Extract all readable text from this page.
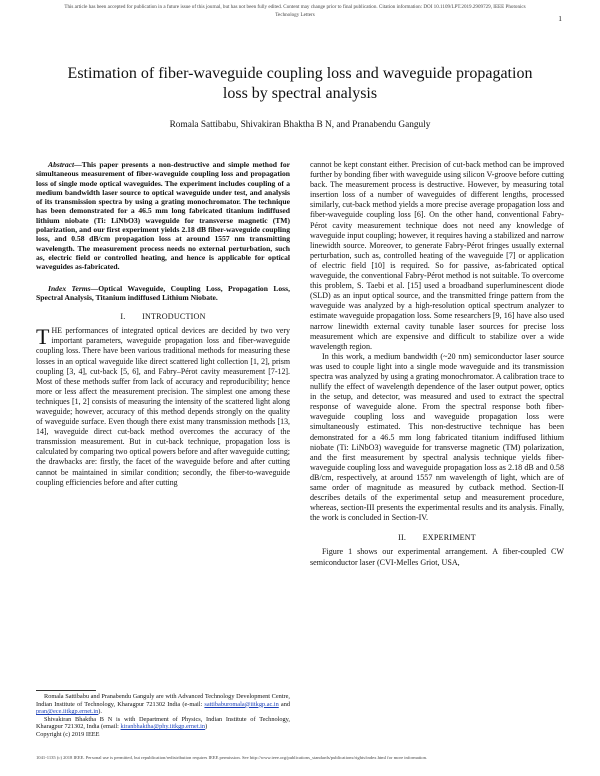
This article has been accepted for publication in a future issue of this journal, but has not been fully edited. Content may change prior to final publication. Citation information: DOI 10.1109/LPT.2019.2909729, IEEE Photonics
Technology Letters	1
Estimation of fiber-waveguide coupling loss and waveguide propagation loss by spectral analysis
Romala Sattibabu, Shivakiran Bhakthа B N, and Pranabendu Ganguly

Abstract—This paper presents a non-destructive and simple method for simultaneous measurement of fiber-waveguide coupling loss and propagation loss of single mode optical waveguides. The experiment includes coupling of a medium bandwidth laser source to optical waveguide under test, and analysis of its transmission spectra by using a grating monochromator. The technique has been demonstrated for a 46.5 mm long fabricated titanium indiffused lithium niobate (Ti: LiNbO3) waveguide for transverse magnetic (TM) polarization, and our first experiment yields 2.18 dB fiber-waveguide coupling loss, and 0.58 dB/cm propagation loss at around 1557 nm transmitting wavelength. The measurement process needs no external perturbation, such as, electric field or controlled heating, and hence is applicable for optical waveguides as-fabricated.

Index Terms—Optical Waveguide, Coupling Loss, Propagation Loss, Spectral Analysis, Titanium indiffused Lithium Niobate.

I.  INTRODUCTION

THE performances of integrated optical devices are decided by two very important parameters, waveguide propagation loss and fiber-waveguide coupling loss. There have been various traditional methods for measuring these losses in an optical waveguide like direct scattered light collection [1, 2], prism coupling [3, 4], cut-back [5, 6], and Fabry–Pérot cavity measurement [7-12]. Most of these methods suffer from lack of accuracy and reproducibility; hence more or less affect the measurement precision. The simplest one among these techniques [1, 2] consists of measuring the intensity of the scattered light along waveguide; however, accuracy of this method depends strongly on the quality of waveguide surface. Even though there exist many transmission methods [13, 14], waveguide direct cut-back method overcomes the accuracy of the transmission measurement. But in cut-back technique, propagation loss is calculated by comparing two optical powers before and after waveguide cutting; the drawbacks are: firstly, the facet of the waveguide before and after cutting cannot be maintained in similar condition; secondly, the fiber-to-waveguide coupling efficiencies before and after cutting

Romala Sattibabu and Pranabendu Ganguly are with Advanced Technology Development Centre, Indian Institute of Technology, Kharagpur 721302 India (e-mail: sattibaburomala@iitkgp.ac.in and pran@ece.iitkgp.ernet.in).
Shivakiran Bhaktha B N is with Department of Physics, Indian Institute of Technology, Kharagpur 721302, India (email: kiranbhaktha@phy.iitkgp.ernet.in)
Copyright (c) 2019 IEEE

cannot be kept constant either. Precision of cut-back method can be improved further by bonding fiber with waveguide using silicon V-groove before cutting back. The measurement process is destructive. However, by measuring total insertion loss of a number of waveguides of different lengths, processed similarly, cut-back method yields a more precise average propagation loss and fiber-waveguide coupling loss [6]. On the other hand, conventional Fabry-Pérot cavity measurement technique does not need any knowledge of waveguide input coupling; however, it requires having a stabilized and narrow linewidth source. Moreover, to generate Fabry-Pérot fringes usually external perturbation, such as, controlled heating of the waveguide [7] or application of electric field [10] is required. So for passive, as-fabricated optical waveguide, the conventional Fabry-Pérot method is not suitable. To overcome this problem, S. Taebi et al. [15] used a broadband superluminescent diode (SLD) as an input optical source, and the transmitted fringe pattern from the waveguide was analyzed by a high-resolution optical spectrum analyzer to estimate waveguide propagation loss. Some researchers [9, 16] have also used narrow linewidth external cavity tunable laser sources for precise loss measurement which are expensive and difficult to stabilize over a wide wavelength region.

In this work, a medium bandwidth (~20 nm) semiconductor laser source was used to couple light into a single mode waveguide and its transmission spectra was analyzed by using a grating monochromator. A calibration trace to nullify the effect of wavelength dependence of the laser output power, optics in the setup, and detector, was measured and used to extract the spectral response of waveguide alone. From the spectral response both fiber-waveguide coupling loss and waveguide propagation loss were simultaneously estimated. This non-destructive technique has been demonstrated for a 46.5 mm long fabricated titanium indiffused lithium niobate (Ti: LiNbO3) waveguide for transverse magnetic (TM) polarization, and the first measurement by spectral analysis technique yields fiber-waveguide coupling loss and waveguide propagation loss as 2.18 dB and 0.58 dB/cm, respectively, at around 1557 nm wavelength of light, which are of same order of magnitude as measured by cutback method. Section-II describes details of the experimental setup and measurement procedure, whereas, section-III presents the experimental results and its analysis. Finally, the work is concluded in Section-IV.

II.  EXPERIMENT

Figure 1 shows our experimental arrangement. A fiber-coupled CW semiconductor laser (CVI-Melles Griot, USA,

1041-1135 (c) 2018 IEEE. Personal use is permitted, but republication/redistribution requires IEEE permission. See http://www.ieee.org/publications_standards/publications/rights/index.html for more information.
